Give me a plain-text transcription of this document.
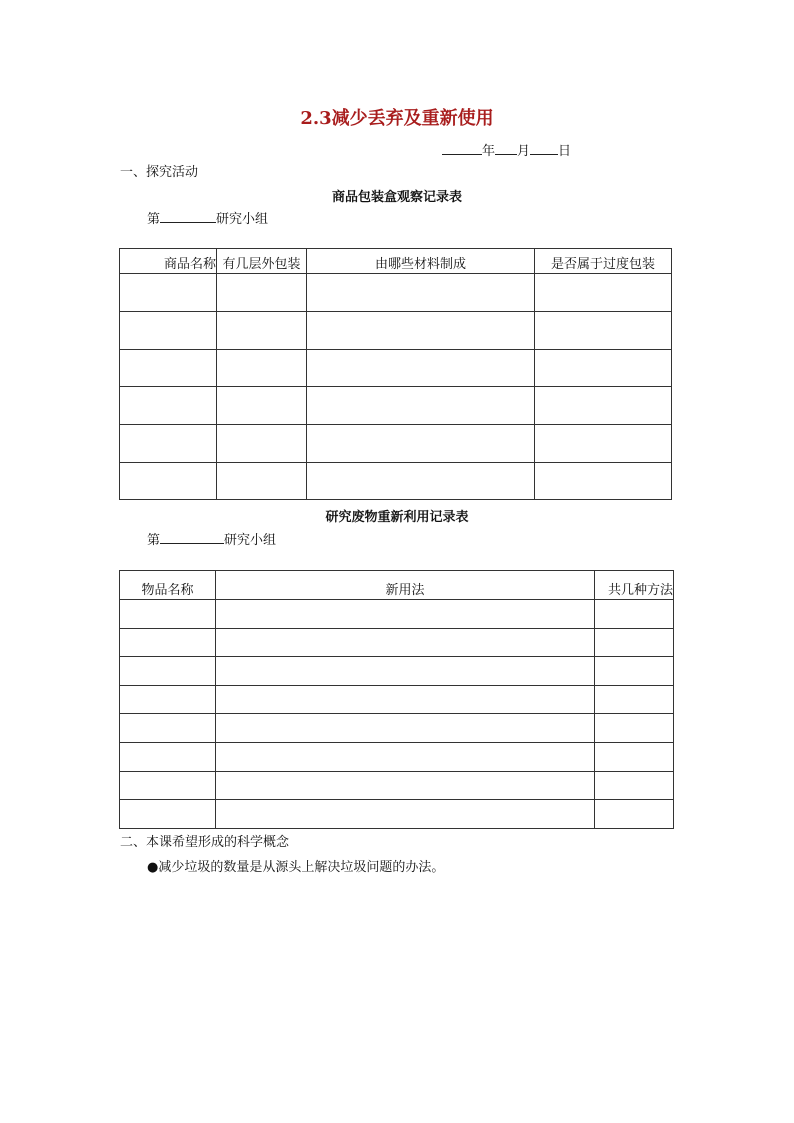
2.3减少丢弃及重新使用
年 月 日
一、探究活动
商品包装盒观察记录表
第	研究小组
商品名称	有几层外包装	由哪些材料制成	是否属于过度包装

研究废物重新利用记录表
第	研究小组
物品名称	新用法	共几种方法

二、本课希望形成的科学概念
●减少垃圾的数量是从源头上解决垃圾问题的办法。
